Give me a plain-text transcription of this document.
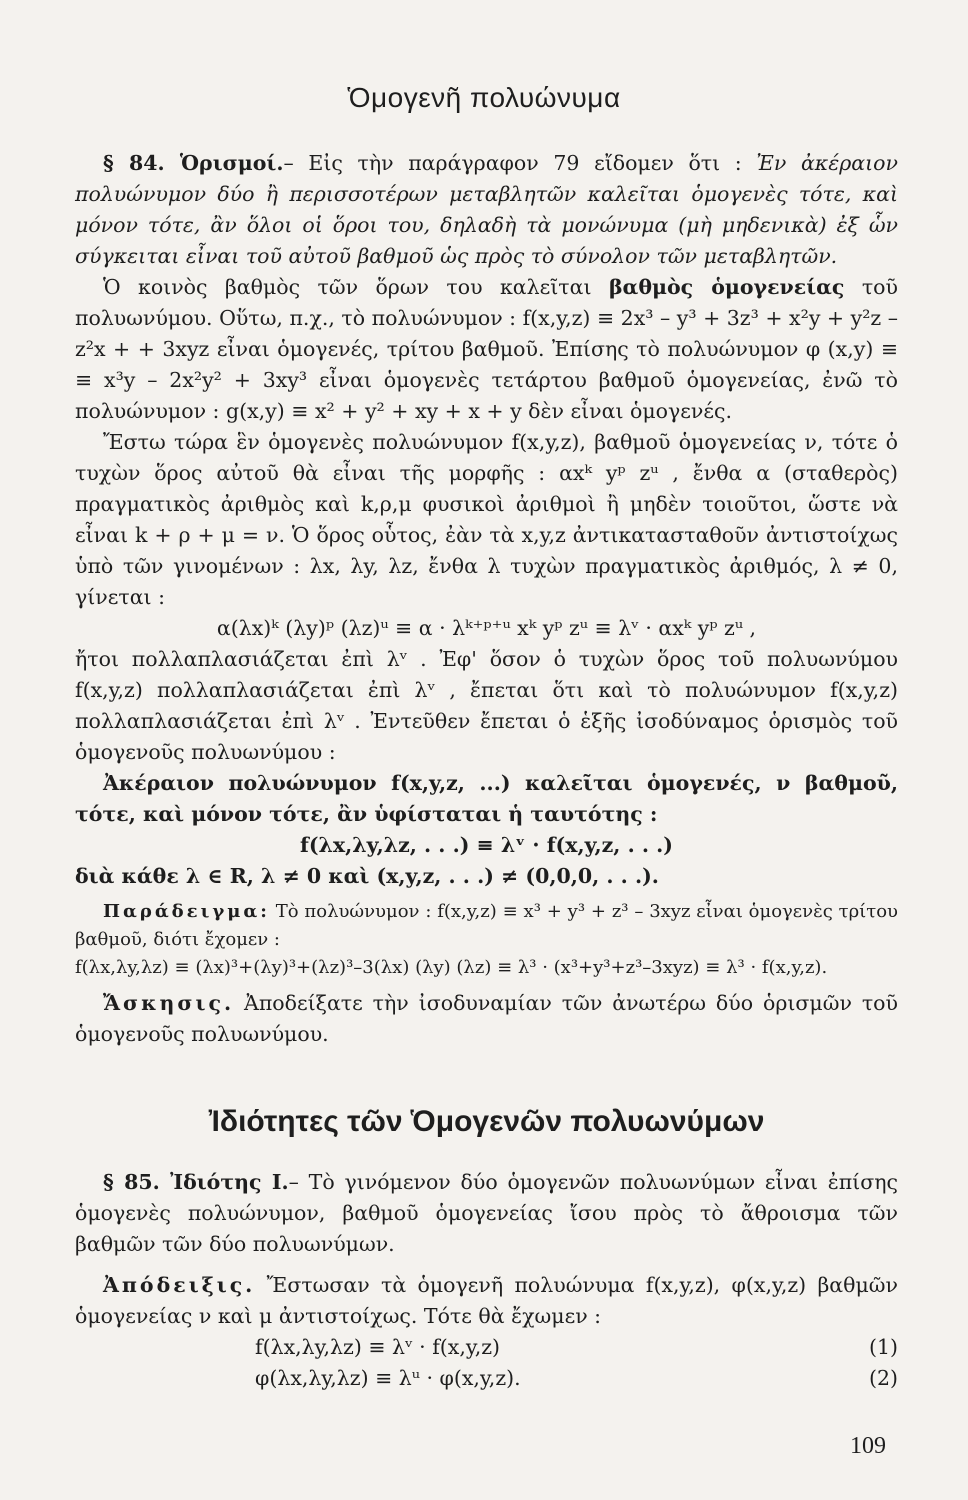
Ὁμογενῆ πολυώνυμα

§ 84. Ὁρισμοί.– Εἰς τὴν παράγραφον 79 εἴδομεν ὅτι : Ἐν ἀκέραιον πολυώνυμον δύο ἢ περισσοτέρων μεταβλητῶν καλεῖται ὁμογενὲς τότε, καὶ μόνον τότε, ἂν ὅλοι οἱ ὅροι του, δηλαδὴ τὰ μονώνυμα (μὴ μηδενικὰ) ἐξ ὧν σύγκειται εἶναι τοῦ αὐτοῦ βαθμοῦ ὡς πρὸς τὸ σύνολον τῶν μεταβλητῶν.

Ὁ κοινὸς βαθμὸς τῶν ὅρων του καλεῖται βαθμὸς ὁμογενείας τοῦ πολυωνύμου. Οὕτω, π.χ., τὸ πολυώνυμον : f(x,y,z) ≡ 2x³ – y³ + 3z³ + x²y + y²z – z²x + + 3xyz εἶναι ὁμογενές, τρίτου βαθμοῦ. Ἐπίσης τὸ πολυώνυμον φ (x,y) ≡ ≡ x³y – 2x²y² + 3xy³ εἶναι ὁμογενὲς τετάρτου βαθμοῦ ὁμογενείας, ἐνῶ τὸ πολυώνυμον : g(x,y) ≡ x² + y² + xy + x + y δὲν εἶναι ὁμογενές.

Ἔστω τώρα ἓν ὁμογενὲς πολυώνυμον f(x,y,z), βαθμοῦ ὁμογενείας ν, τότε ὁ τυχὼν ὅρος αὐτοῦ θὰ εἶναι τῆς μορφῆς : αxᵏ yᵖ zᵘ , ἔνθα α (σταθερὸς) πραγματικὸς ἀριθμὸς καὶ k,ρ,μ φυσικοὶ ἀριθμοὶ ἢ μηδὲν τοιοῦτοι, ὥστε νὰ εἶναι k + ρ + μ = ν. Ὁ ὅρος οὗτος, ἐὰν τὰ x,y,z ἀντικατασταθοῦν ἀντιστοίχως ὑπὸ τῶν γινομένων : λx, λy, λz, ἔνθα λ τυχὼν πραγματικὸς ἀριθμός, λ ≠ 0, γίνεται :

α(λx)ᵏ (λy)ᵖ (λz)ᵘ ≡ α · λᵏ⁺ᵖ⁺ᵘ xᵏ yᵖ zᵘ ≡ λᵛ · αxᵏ yᵖ zᵘ ,

ἤτοι πολλαπλασιάζεται ἐπὶ λᵛ . Ἐφ' ὅσον ὁ τυχὼν ὅρος τοῦ πολυωνύμου f(x,y,z) πολλαπλασιάζεται ἐπὶ λᵛ , ἔπεται ὅτι καὶ τὸ πολυώνυμον f(x,y,z) πολλαπλασιάζεται ἐπὶ λᵛ . Ἐντεῦθεν ἔπεται ὁ ἑξῆς ἰσοδύναμος ὁρισμὸς τοῦ ὁμογενοῦς πολυωνύμου :

Ἀκέραιον πολυώνυμον f(x,y,z, ...) καλεῖται ὁμογενές, ν βαθμοῦ, τότε, καὶ μόνον τότε, ἂν ὑφίσταται ἡ ταυτότης :

f(λx,λy,λz, . . .) ≡ λᵛ · f(x,y,z, . . .)

διὰ κάθε λ ∈ R, λ ≠ 0 καὶ (x,y,z, . . .) ≠ (0,0,0, . . .).

Παράδειγμα: Τὸ πολυώνυμον : f(x,y,z) ≡ x³ + y³ + z³ – 3xyz εἶναι ὁμογενὲς τρίτου βαθμοῦ, διότι ἔχομεν :

f(λx,λy,λz) ≡ (λx)³+(λy)³+(λz)³–3(λx) (λy) (λz) ≡ λ³ · (x³+y³+z³–3xyz) ≡ λ³ · f(x,y,z).

Ἄσκησις. Ἀποδείξατε τὴν ἰσοδυναμίαν τῶν ἀνωτέρω δύο ὁρισμῶν τοῦ ὁμογενοῦς πολυωνύμου.

Ἰδιότητες τῶν Ὁμογενῶν πολυωνύμων

§ 85. Ἰδιότης I.– Τὸ γινόμενον δύο ὁμογενῶν πολυωνύμων εἶναι ἐπίσης ὁμογενὲς πολυώνυμον, βαθμοῦ ὁμογενείας ἴσου πρὸς τὸ ἄθροισμα τῶν βαθμῶν τῶν δύο πολυωνύμων.

Ἀπόδειξις. Ἔστωσαν τὰ ὁμογενῆ πολυώνυμα f(x,y,z), φ(x,y,z) βαθμῶν ὁμογενείας ν καὶ μ ἀντιστοίχως. Τότε θὰ ἔχωμεν :

f(λx,λy,λz) ≡ λᵛ · f(x,y,z)	(1)
φ(λx,λy,λz) ≡ λᵘ · φ(x,y,z).	(2)
109
